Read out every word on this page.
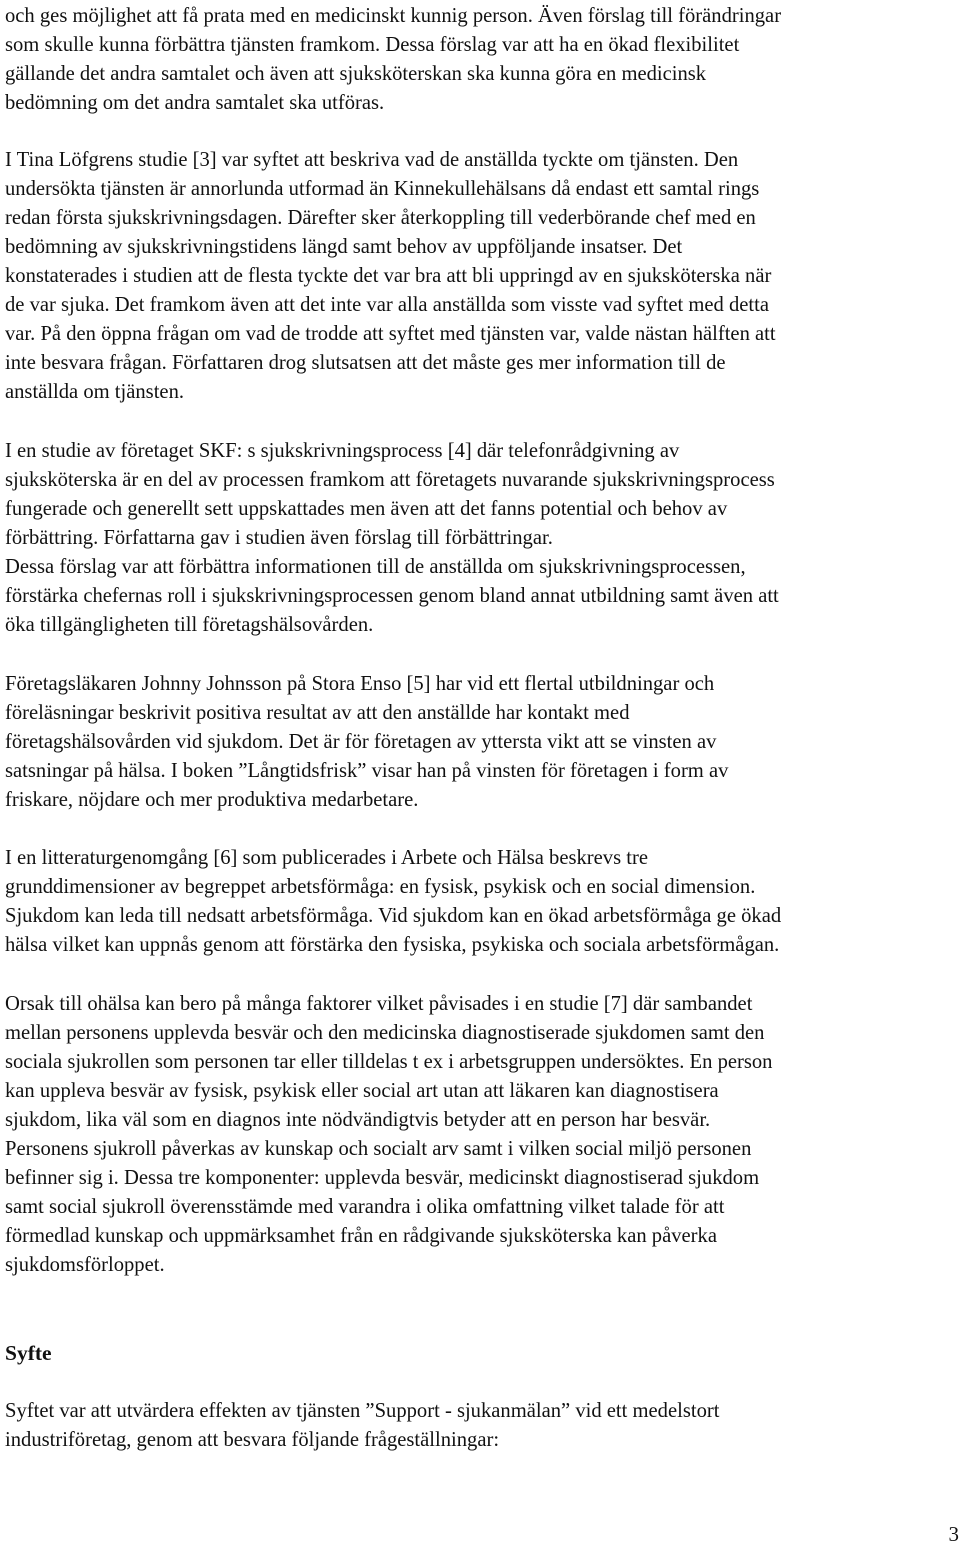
och ges möjlighet att få prata med en medicinskt kunnig person. Även förslag till förändringar
som skulle kunna förbättra tjänsten framkom. Dessa förslag var att ha en ökad flexibilitet
gällande det andra samtalet och även att sjuksköterskan ska kunna göra en medicinsk
bedömning om det andra samtalet ska utföras.

I Tina Löfgrens studie [3] var syftet att beskriva vad de anställda tyckte om tjänsten. Den
undersökta tjänsten är annorlunda utformad än Kinnekullehälsans då endast ett samtal rings
redan första sjukskrivningsdagen. Därefter sker återkoppling till vederbörande chef med en
bedömning av sjukskrivningstidens längd samt behov av uppföljande insatser. Det
konstaterades i studien att de flesta tyckte det var bra att bli uppringd av en sjuksköterska när
de var sjuka. Det framkom även att det inte var alla anställda som visste vad syftet med detta
var. På den öppna frågan om vad de trodde att syftet med tjänsten var, valde nästan hälften att
inte besvara frågan. Författaren drog slutsatsen att det måste ges mer information till de
anställda om tjänsten.

I en studie av företaget SKF: s sjukskrivningsprocess [4] där telefonrådgivning av
sjuksköterska är en del av processen framkom att företagets nuvarande sjukskrivningsprocess
fungerade och generellt sett uppskattades men även att det fanns potential och behov av
förbättring. Författarna gav i studien även förslag till förbättringar.
Dessa förslag var att förbättra informationen till de anställda om sjukskrivningsprocessen,
förstärka chefernas roll i sjukskrivningsprocessen genom bland annat utbildning samt även att
öka tillgängligheten till företagshälsovården.

Företagsläkaren Johnny Johnsson på Stora Enso [5] har vid ett flertal utbildningar och
föreläsningar beskrivit positiva resultat av att den anställde har kontakt med
företagshälsovården vid sjukdom. Det är för företagen av yttersta vikt att se vinsten av
satsningar på hälsa. I boken ”Långtidsfrisk” visar han på vinsten för företagen i form av
friskare, nöjdare och mer produktiva medarbetare.

I en litteraturgenomgång [6] som publicerades i Arbete och Hälsa beskrevs tre
grunddimensioner av begreppet arbetsförmåga: en fysisk, psykisk och en social dimension.
Sjukdom kan leda till nedsatt arbetsförmåga. Vid sjukdom kan en ökad arbetsförmåga ge ökad
hälsa vilket kan uppnås genom att förstärka den fysiska, psykiska och sociala arbetsförmågan.

Orsak till ohälsa kan bero på många faktorer vilket påvisades i en studie [7] där sambandet
mellan personens upplevda besvär och den medicinska diagnostiserade sjukdomen samt den
sociala sjukrollen som personen tar eller tilldelas t ex i arbetsgruppen undersöktes. En person
kan uppleva besvär av fysisk, psykisk eller social art utan att läkaren kan diagnostisera
sjukdom, lika väl som en diagnos inte nödvändigtvis betyder att en person har besvär.
Personens sjukroll påverkas av kunskap och socialt arv samt i vilken social miljö personen
befinner sig i. Dessa tre komponenter: upplevda besvär, medicinskt diagnostiserad sjukdom
samt social sjukroll överensstämde med varandra i olika omfattning vilket talade för att
förmedlad kunskap och uppmärksamhet från en rådgivande sjuksköterska kan påverka
sjukdomsförloppet.

Syfte

Syftet var att utvärdera effekten av tjänsten ”Support - sjukanmälan” vid ett medelstort
industriföretag, genom att besvara följande frågeställningar:

3
